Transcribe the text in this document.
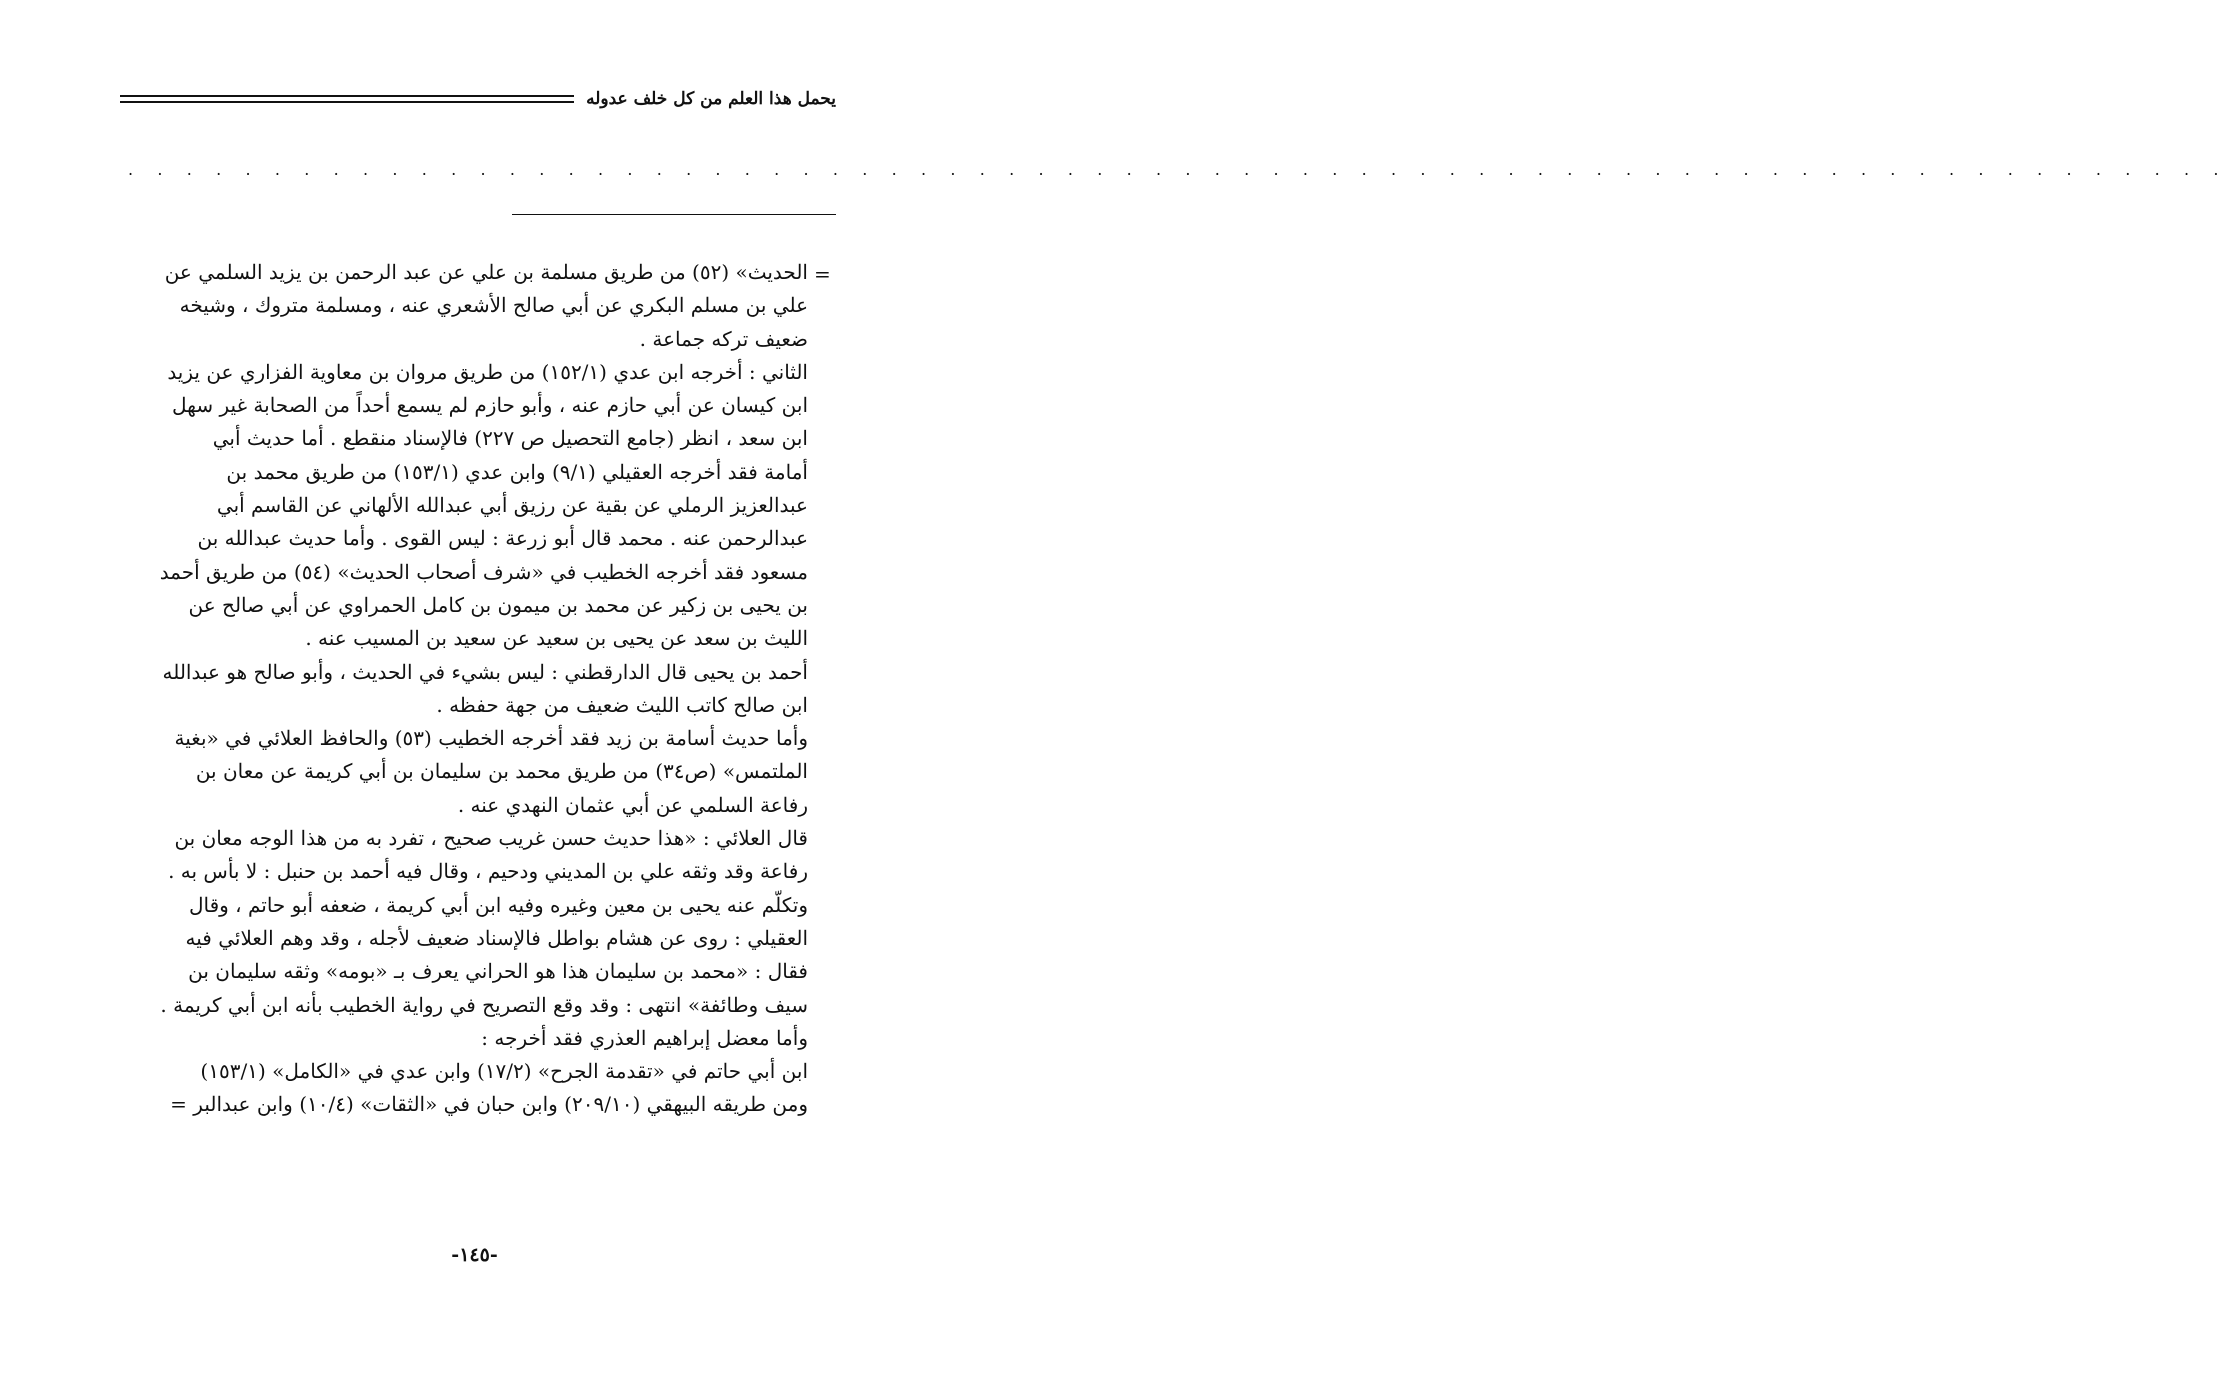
يحمل هذا العلم من كل خلف عدوله
. . . . . . . . . . . . . . . . . . . . . . . . . . . . . . . . . . . . . . . . . . . . . . . . . . . . . . . . . . . . . . . . . . . . . . . .
=
الحديث» (٥٢) من طريق مسلمة بن علي عن عبد الرحمن بن يزيد السلمي عن
علي بن مسلم البكري عن أبي صالح الأشعري عنه ، ومسلمة متروك ، وشيخه
ضعيف تركه جماعة .
الثاني : أخرجه ابن عدي (١٥٢/١) من طريق مروان بن معاوية الفزاري عن يزيد
ابن كيسان عن أبي حازم عنه ، وأبو حازم لم يسمع أحداً من الصحابة غير سهل
ابن سعد ، انظر (جامع التحصيل ص ٢٢٧) فالإسناد منقطع . أما حديث أبي
أمامة فقد أخرجه العقيلي (٩/١) وابن عدي (١٥٣/١) من طريق محمد بن
عبدالعزيز الرملي عن بقية عن رزيق أبي عبدالله الألهاني عن القاسم أبي
عبدالرحمن عنه . محمد قال أبو زرعة : ليس القوى . وأما حديث عبدالله بن
مسعود فقد أخرجه الخطيب في «شرف أصحاب الحديث» (٥٤) من طريق أحمد
بن يحيى بن زكير عن محمد بن ميمون بن كامل الحمراوي عن أبي صالح عن
الليث بن سعد عن يحيى بن سعيد عن سعيد بن المسيب عنه .
أحمد بن يحيى قال الدارقطني : ليس بشيء في الحديث ، وأبو صالح هو عبدالله
ابن صالح كاتب الليث ضعيف من جهة حفظه .
وأما حديث أسامة بن زيد فقد أخرجه الخطيب (٥٣) والحافظ العلائي في «بغية
الملتمس» (ص٣٤) من طريق محمد بن سليمان بن أبي كريمة عن معان بن
رفاعة السلمي عن أبي عثمان النهدي عنه .
قال العلائي : «هذا حديث حسن غريب صحيح ، تفرد به من هذا الوجه معان بن
رفاعة وقد وثقه علي بن المديني ودحيم ، وقال فيه أحمد بن حنبل : لا بأس به .
وتكلّم عنه يحيى بن معين وغيره وفيه ابن أبي كريمة ، ضعفه أبو حاتم ، وقال
العقيلي : روى عن هشام بواطل فالإسناد ضعيف لأجله ، وقد وهم العلائي فيه
فقال : «محمد بن سليمان هذا هو الحراني يعرف بـ «بومه» وثقه سليمان بن
سيف وطائفة» انتهى : وقد وقع التصريح في رواية الخطيب بأنه ابن أبي كريمة .
وأما معضل إبراهيم العذري فقد أخرجه :
ابن أبي حاتم في «تقدمة الجرح» (١٧/٢) وابن عدي في «الكامل» (١٥٣/١)
ومن طريقه البيهقي (٢٠٩/١٠) وابن حبان في «الثقات» (١٠/٤) وابن عبدالبر =
-١٤٥-
